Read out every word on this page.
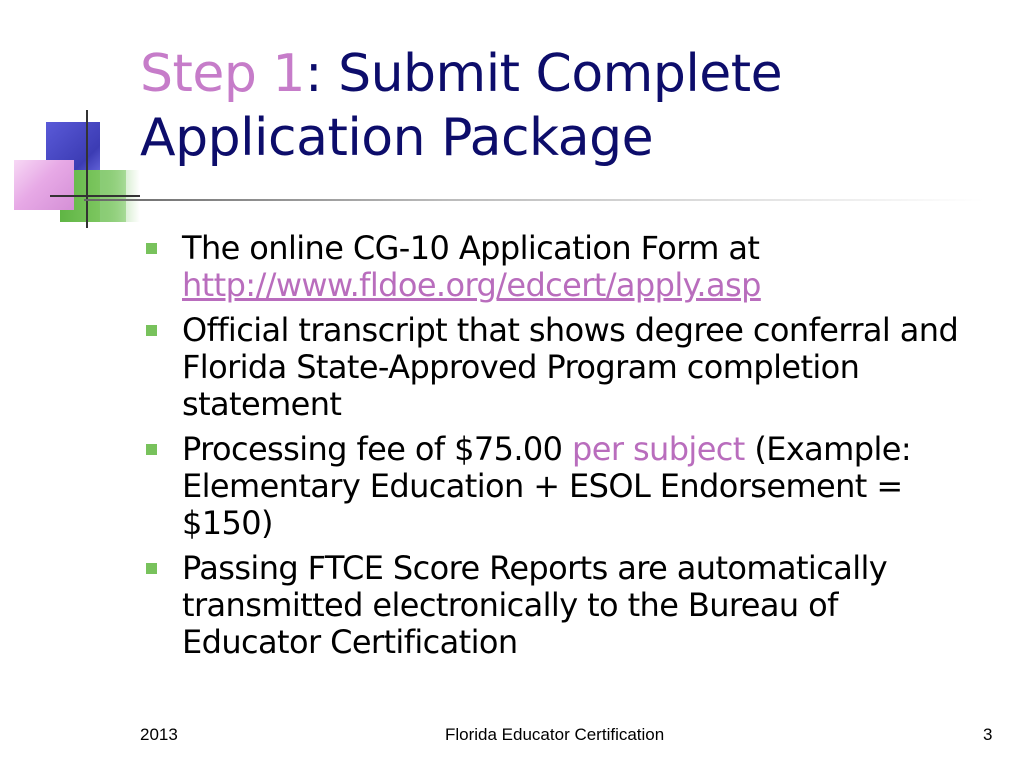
Step 1: Submit Complete Application Package
The online CG-10 Application Form at
http://www.fldoe.org/edcert/apply.asp
Official transcript that shows degree conferral and Florida State-Approved Program completion statement
Processing fee of $75.00 per subject (Example: Elementary Education + ESOL Endorsement = $150)
Passing FTCE Score Reports are automatically transmitted electronically to the Bureau of Educator Certification
2013	Florida Educator Certification	3
